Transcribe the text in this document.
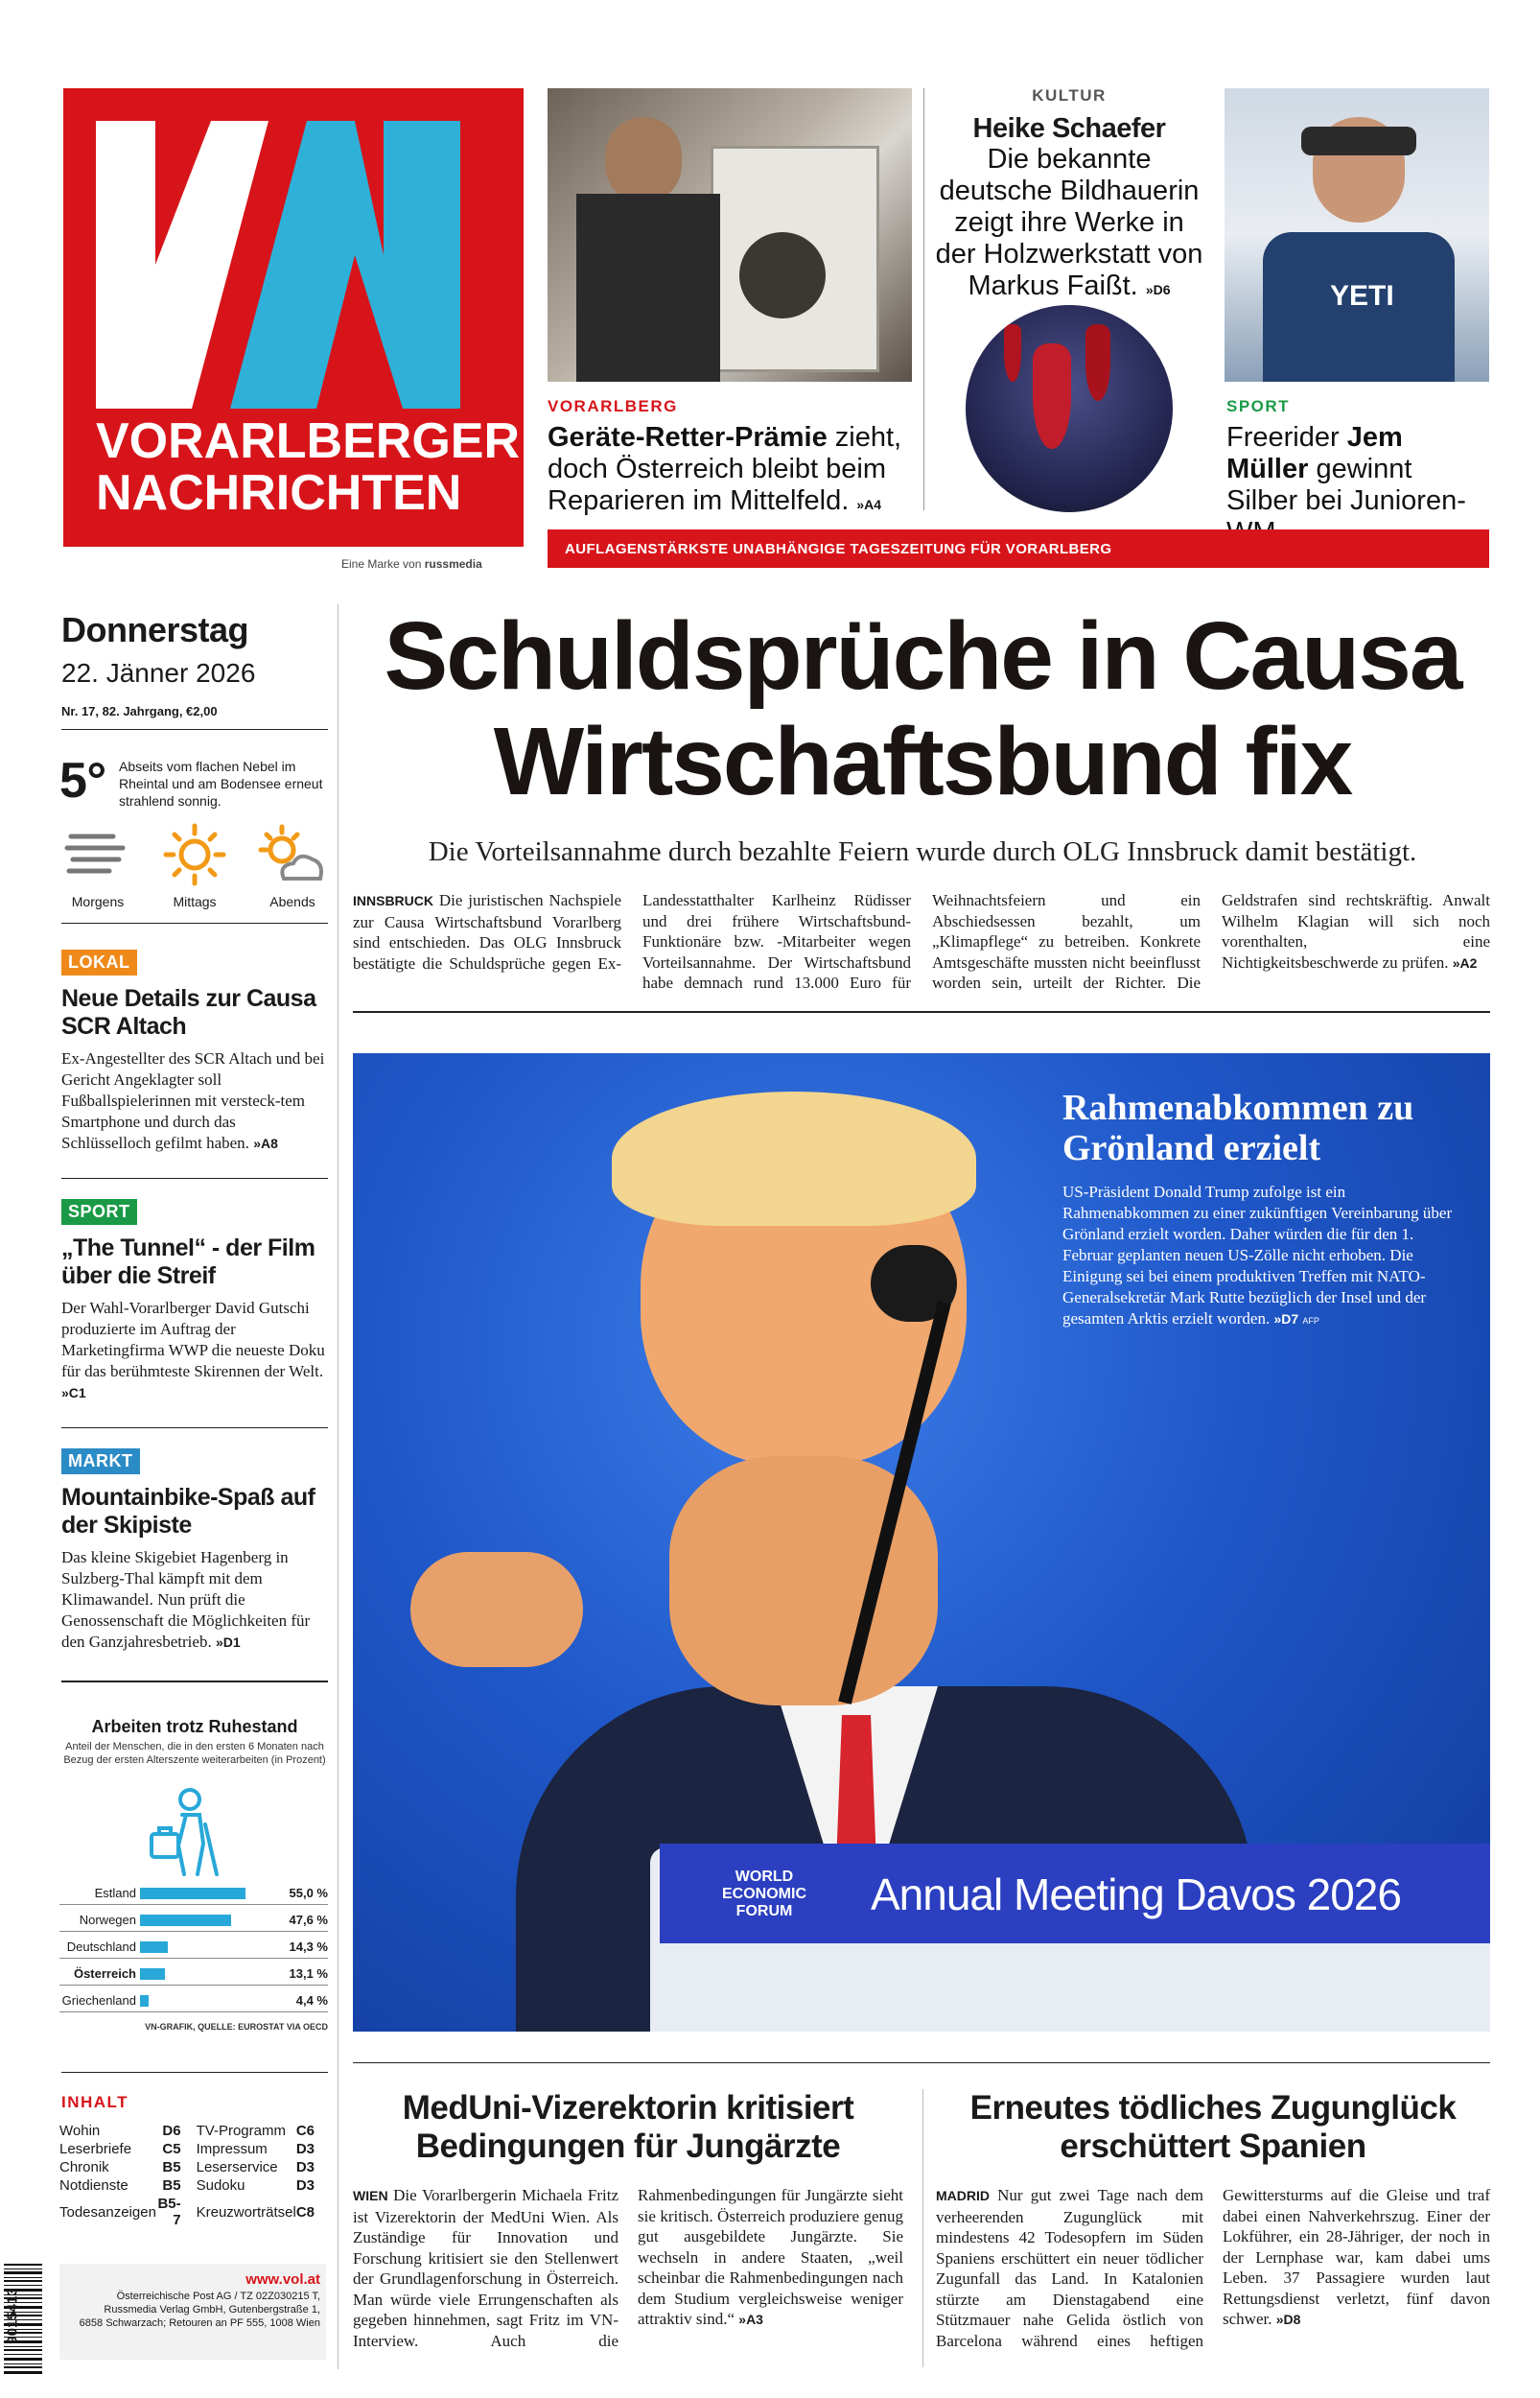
VORARLBERGER
NACHRICHTEN
Eine Marke von russmedia
VORARLBERG
Geräte-Retter-Prämie zieht, doch Österreich bleibt beim Reparieren im Mittelfeld. »A4
KULTUR
Heike Schaefer
Die bekannte deutsche Bildhauerin zeigt ihre Werke in der Holzwerkstatt von Markus Faißt. »D6	YETI
SPORT
Freerider Jem Müller gewinnt Silber bei Junioren-
AUFLAGENSTÄRKSTE UNABHÄNGIGE TAGESZEITUNG FÜR VORARLBERG
Donnerstag
22. Jänner 2026
Nr. 17, 82. Jahrgang, €2,00
5° Abseits vom flachen Nebel im Rheintal und am Bodensee erneut strahlend sonnig.
Morgens	Mittags	Abends
LOKAL
Neue Details zur Causa SCR Altach
Ex-Angestellter des SCR Altach und bei Gericht Angeklagter soll Fußballspielerinnen mit versteck-tem Smartphone und durch das Schlüsselloch gefilmt haben. »A8
SPORT
„The Tunnel“ - der Film über die Streif
Der Wahl-Vorarlberger David Gutschi produzierte im Auftrag der Marketingfirma WWP die neueste Doku für das berühmteste Skirennen der Welt. »C1
MARKT
Mountainbike-Spaß auf der Skipiste
Das kleine Skigebiet Hagenberg in Sulzberg-Thal kämpft mit dem Klimawandel. Nun prüft die Genossenschaft die Möglichkeiten für den Ganzjahresbetrieb. »D1
Arbeiten trotz Ruhestand
Anteil der Menschen, die in den ersten 6 Monaten nach Bezug der ersten Alterszente weiterarbeiten (in Prozent)
Estland	55,0 %
Norwegen	47,6 %
Deutschland	14,3 %
Österreich	13,1 %
Griechenland	4,4 %
VN-GRAFIK, QUELLE: EUROSTAT VIA OECD
INHALT
Wohin	D6	TV-Programm	C6
Leserbriefe	C5	Impressum	D3
Chronik	B5	Leserservice	D3
Notdienste	B5	Sudoku	D3
Todesanzeigen	B5-7	Kreuzworträtsel	C8
9015413
www.vol.at
Österreichische Post AG / TZ 02Z030215 T, Russmedia Verlag GmbH, Gutenbergstraße 1, 6858 Schwarzach; Retouren an PF 555, 1008 Wien
Schuldsprüche in Causa
Wirtschaftsbund fix
Die Vorteilsannahme durch bezahlte Feiern wurde durch OLG Innsbruck damit bestätigt.
INNSBRUCK Die juristischen Nachspiele zur Causa Wirtschaftsbund Vorarlberg sind entschieden. Das OLG Innsbruck bestätigte die Schuldsprüche gegen Ex-Landesstatthalter Karlheinz Rüdisser und drei frühere Wirtschaftsbund-Funktionäre bzw. -Mitarbeiter wegen Vorteilsannahme. Der Wirtschaftsbund habe demnach rund 13.000 Euro für Weihnachtsfeiern und ein Abschiedsessen bezahlt, um „Klimapflege“ zu betreiben. Konkrete Amtsgeschäfte mussten nicht beeinflusst worden sein, urteilt der Richter. Die Geldstrafen sind rechtskräftig. Anwalt Wilhelm Klagian will sich noch vorenthalten, eine Nichtigkeitsbeschwerde zu prüfen. »A2
WORLD ECONOMIC FORUM	Annual Meeting Davos 2026
Rahmenabkommen zu Grönland erzielt
US-Präsident Donald Trump zufolge ist ein Rahmenabkommen zu einer zukünftigen Vereinbarung über Grönland erzielt worden. Daher würden die für den 1. Februar geplanten neuen US-Zölle nicht erhoben. Die Einigung sei bei einem produktiven Treffen mit NATO-Generalsekretär Mark Rutte bezüglich der Insel und der gesamten Arktis erzielt worden. »D7 AFP
MedUni-Vizerektorin kritisiert Bedingungen für Jungärzte
WIEN Die Vorarlbergerin Michaela Fritz ist Vizerektorin der MedUni Wien. Als Zuständige für Innovation und Forschung kritisiert sie den Stellenwert der Grundlagenforschung in Österreich. Man würde viele Errungenschaften als gegeben hinnehmen, sagt Fritz im VN-Interview. Auch die Rahmenbedingungen für Jungärzte sieht sie kritisch. Österreich produziere genug gut ausgebildete Jungärzte. Sie wechseln in andere Staaten, „weil scheinbar die Rahmenbedingungen nach dem Studium vergleichsweise weniger attraktiv sind.“ »A3
Erneutes tödliches Zugunglück erschüttert Spanien
MADRID Nur gut zwei Tage nach dem verheerenden Zugunglück mit mindestens 42 Todesopfern im Süden Spaniens erschüttert ein neuer tödlicher Zugunfall das Land. In Katalonien stürzte am Dienstagabend eine Stützmauer nahe Gelida östlich von Barcelona während eines heftigen Gewittersturms auf die Gleise und traf dabei einen Nahverkehrszug. Einer der Lokführer, ein 28-Jähriger, der noch in der Lernphase war, kam dabei ums Leben. 37 Passagiere wurden laut Rettungsdienst verletzt, fünf davon schwer. »D8
